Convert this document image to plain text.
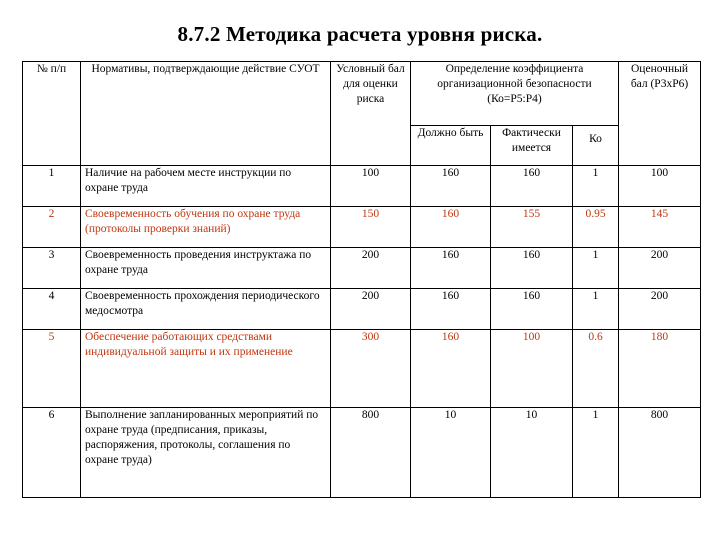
8.7.2 Методика расчета уровня риска.
№ п/п	Нормативы, подтверждающие действие СУОТ	Условный бал для оценки риска	Определение коэффициента организационной безопасности (Ко=Р5:Р4)			Оценочный бал (Р3хР6)
			Должно быть	Фактически имеется	Ко	
1	Наличие на рабочем месте инструкции по охране труда	100	160	160	1	100
2	Своевременность обучения по охране труда (протоколы проверки знаний)	150	160	155	0.95	145
3	Своевременность проведения инструктажа по охране труда	200	160	160	1	200
4	Своевременность прохождения периодического медосмотра	200	160	160	1	200
5	Обеспечение работающих средствами индивидуальной защиты и их применение	300	160	100	0.6	180
6	Выполнение запланированных мероприятий по охране труда (предписания, приказы, распоряжения, протоколы, соглашения по охране труда)	800	10	10	1	800
